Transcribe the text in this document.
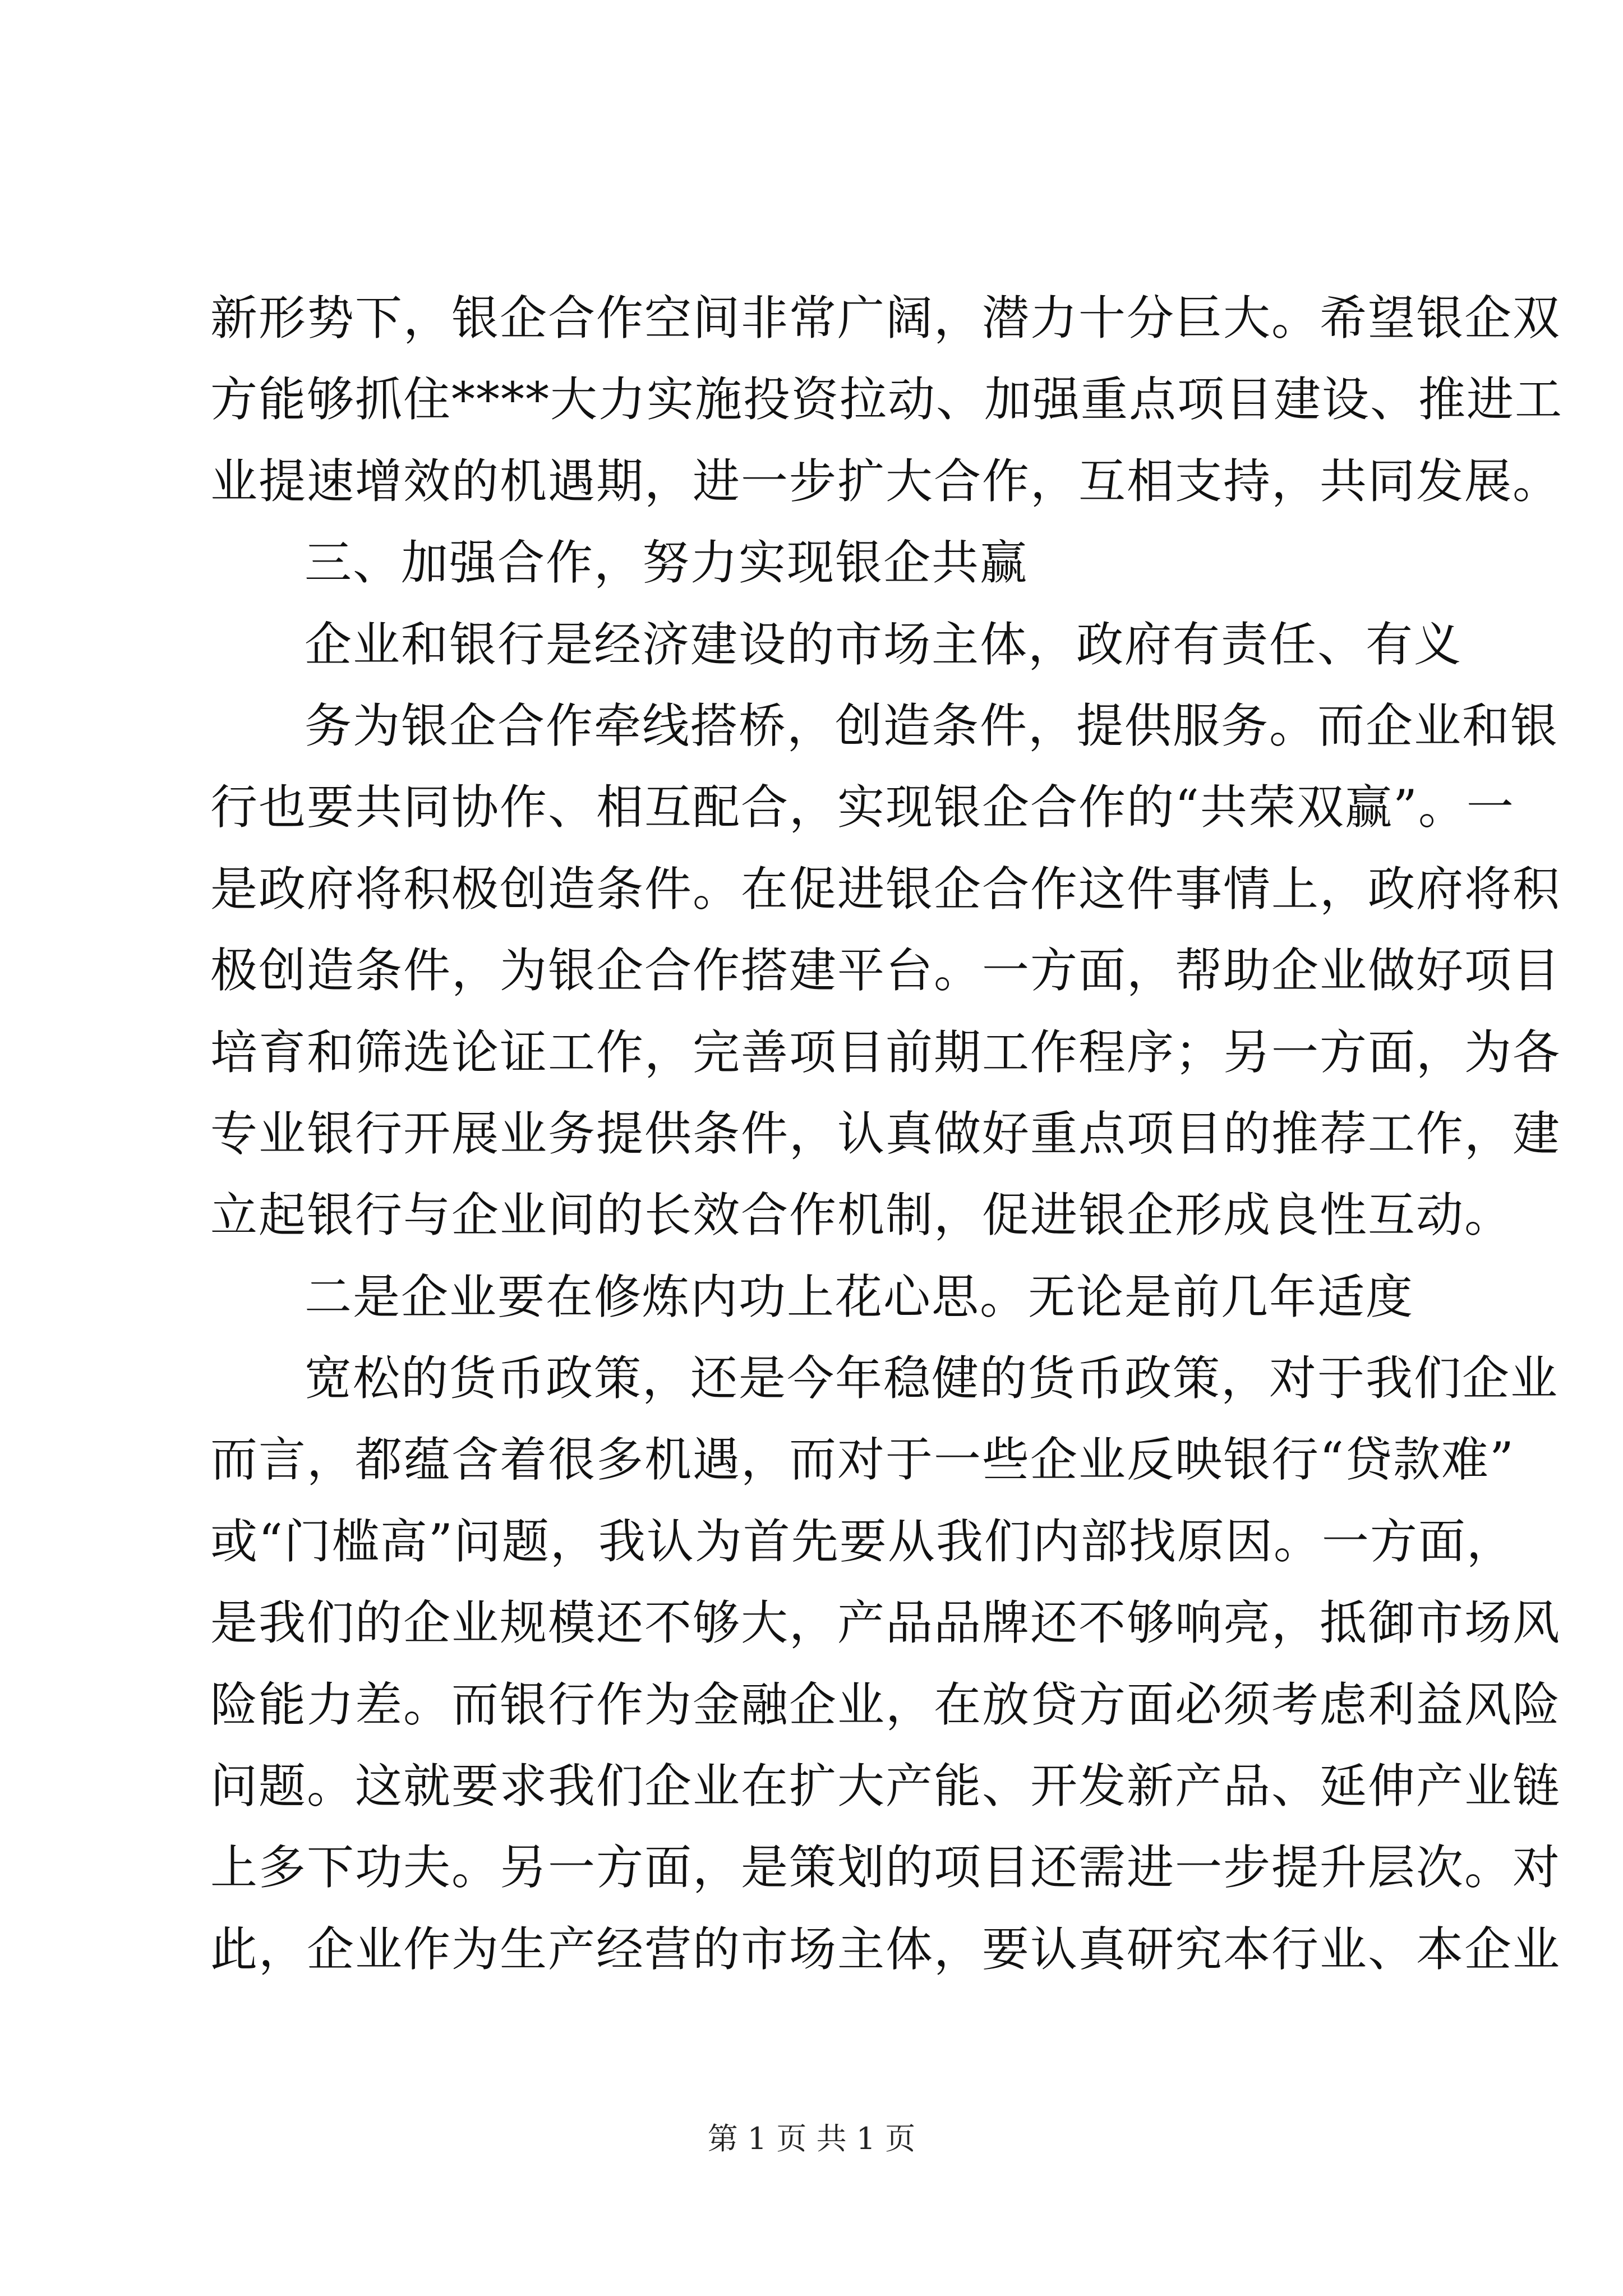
新形势下，银企合作空间非常广阔，潜力十分巨大。希望银企双
方能够抓住****大力实施投资拉动、加强重点项目建设、推进工
业提速增效的机遇期，进一步扩大合作，互相支持，共同发展。
三、加强合作，努力实现银企共赢
企业和银行是经济建设的市场主体，政府有责任、有义
务为银企合作牵线搭桥，创造条件，提供服务。而企业和银
行也要共同协作、相互配合，实现银企合作的“共荣双赢”。一
是政府将积极创造条件。在促进银企合作这件事情上，政府将积
极创造条件，为银企合作搭建平台。一方面，帮助企业做好项目
培育和筛选论证工作，完善项目前期工作程序；另一方面，为各
专业银行开展业务提供条件，认真做好重点项目的推荐工作，建
立起银行与企业间的长效合作机制，促进银企形成良性互动。
二是企业要在修炼内功上花心思。无论是前几年适度
宽松的货币政策，还是今年稳健的货币政策，对于我们企业
而言，都蕴含着很多机遇，而对于一些企业反映银行“贷款难”
或“门槛高”问题，我认为首先要从我们内部找原因。一方面，
是我们的企业规模还不够大，产品品牌还不够响亮，抵御市场风
险能力差。而银行作为金融企业，在放贷方面必须考虑利益风险
问题。这就要求我们企业在扩大产能、开发新产品、延伸产业链
上多下功夫。另一方面，是策划的项目还需进一步提升层次。对
此，企业作为生产经营的市场主体，要认真研究本行业、本企业
第 1 页 共 1 页
